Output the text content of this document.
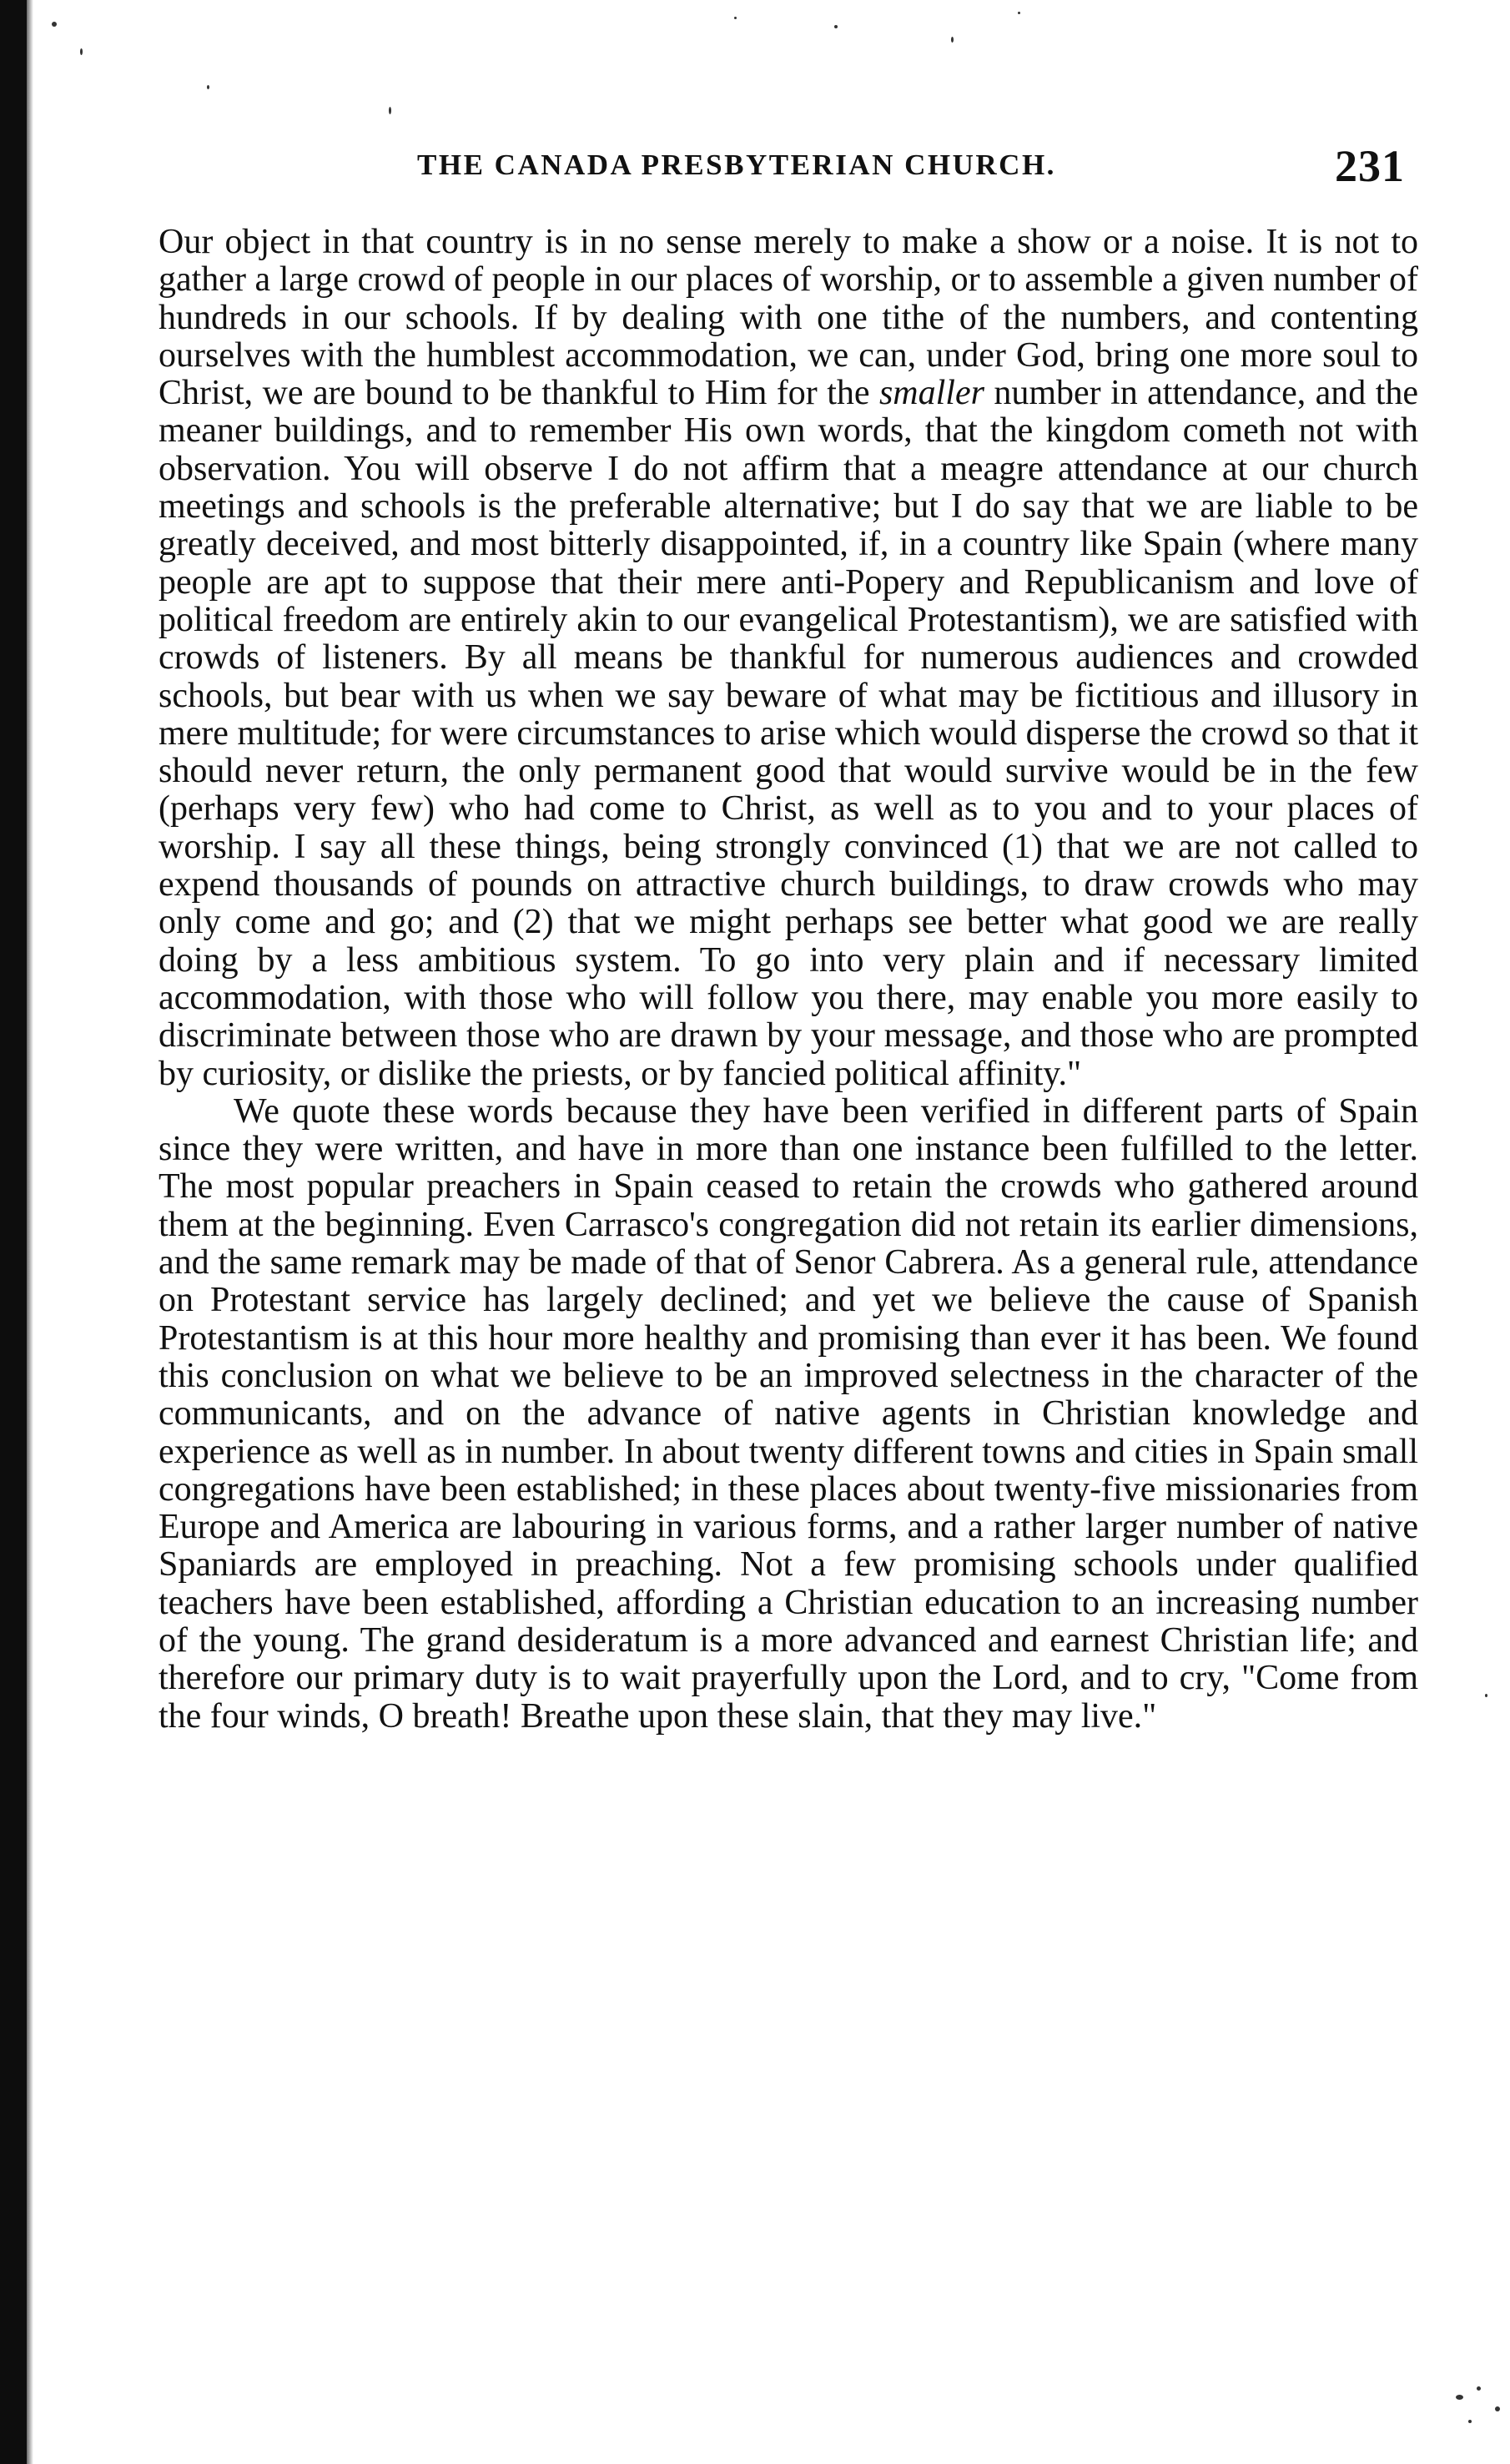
THE CANADA PRESBYTERIAN CHURCH.	231

Our object in that country is in no sense merely to make a show or a noise. It is not to gather a large crowd of people in our places of worship, or to assemble a given number of hundreds in our schools. If by dealing with one tithe of the numbers, and contenting ourselves with the humblest accommodation, we can, under God, bring one more soul to Christ, we are bound to be thankful to Him for the smaller number in attendance, and the meaner buildings, and to remember His own words, that the kingdom cometh not with observation. You will observe I do not affirm that a meagre attendance at our church meetings and schools is the preferable alternative; but I do say that we are liable to be greatly deceived, and most bitterly disappointed, if, in a country like Spain (where many people are apt to suppose that their mere anti-Popery and Republicanism and love of political freedom are entirely akin to our evangelical Protestantism), we are satisfied with crowds of listeners. By all means be thankful for numerous audiences and crowded schools, but bear with us when we say beware of what may be fictitious and illusory in mere multitude; for were circumstances to arise which would disperse the crowd so that it should never return, the only permanent good that would survive would be in the few (perhaps very few) who had come to Christ, as well as to you and to your places of worship. I say all these things, being strongly convinced (1) that we are not called to expend thousands of pounds on attractive church buildings, to draw crowds who may only come and go; and (2) that we might perhaps see better what good we are really doing by a less ambitious system. To go into very plain and if necessary limited accommodation, with those who will follow you there, may enable you more easily to discriminate between those who are drawn by your message, and those who are prompted by curiosity, or dislike the priests, or by fancied political affinity."

We quote these words because they have been verified in different parts of Spain since they were written, and have in more than one instance been fulfilled to the letter. The most popular preachers in Spain ceased to retain the crowds who gathered around them at the beginning. Even Carrasco's congregation did not retain its earlier dimensions, and the same remark may be made of that of Senor Cabrera. As a general rule, attendance on Protestant service has largely declined; and yet we believe the cause of Spanish Protestantism is at this hour more healthy and promising than ever it has been. We found this conclusion on what we believe to be an improved selectness in the character of the communicants, and on the advance of native agents in Christian knowledge and experience as well as in number. In about twenty different towns and cities in Spain small congregations have been established; in these places about twenty-five missionaries from Europe and America are labouring in various forms, and a rather larger number of native Spaniards are employed in preaching. Not a few promising schools under qualified teachers have been established, affording a Christian education to an increasing number of the young. The grand desideratum is a more advanced and earnest Christian life; and therefore our primary duty is to wait prayerfully upon the Lord, and to cry, "Come from the four winds, O breath! Breathe upon these slain, that they may live."
